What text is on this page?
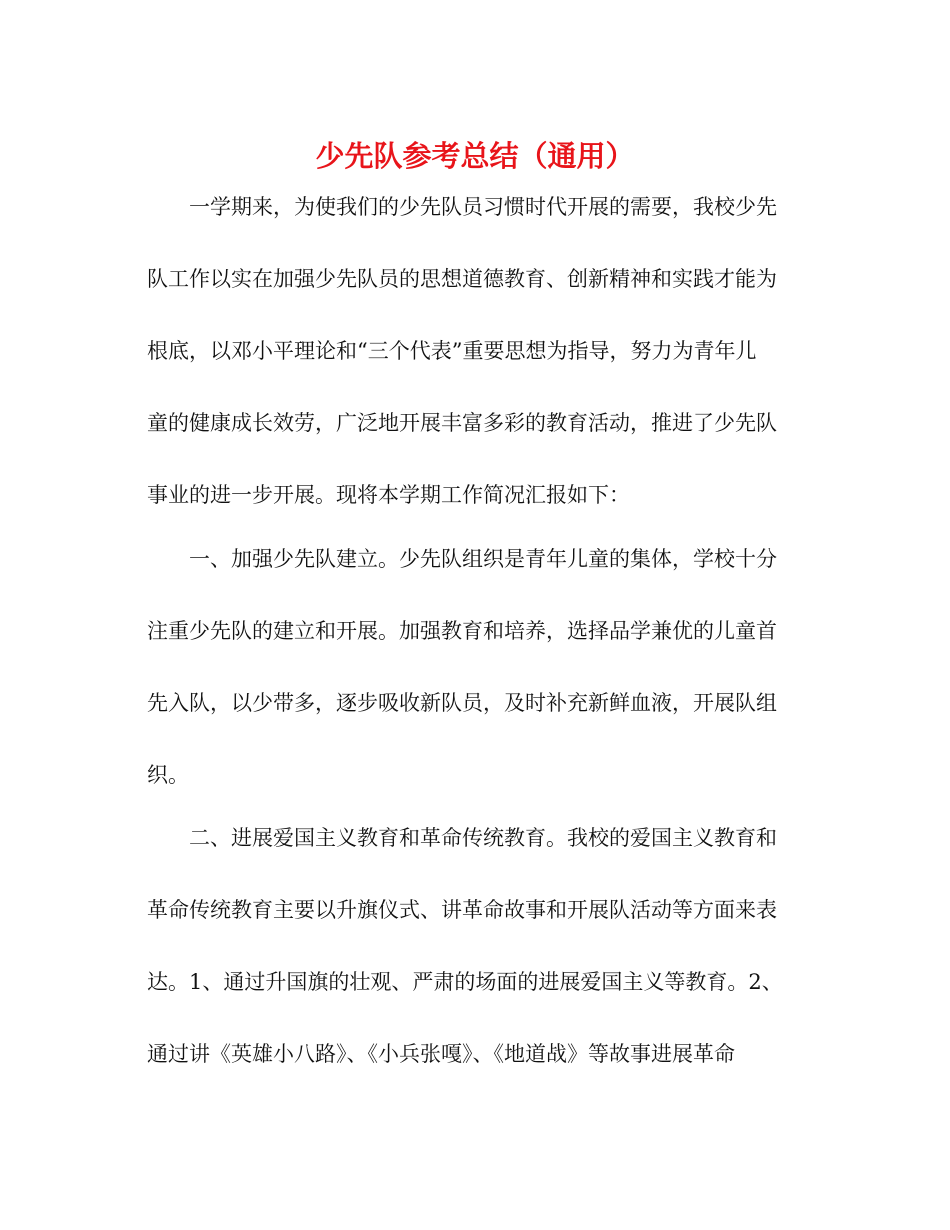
少先队参考总结（通用）
一学期来，为使我们的少先队员习惯时代开展的需要，我校少先
队工作以实在加强少先队员的思想道德教育、创新精神和实践才能为
根底，以邓小平理论和“三个代表”重要思想为指导，努力为青年儿
童的健康成长效劳，广泛地开展丰富多彩的教育活动，推进了少先队
事业的进一步开展。现将本学期工作简况汇报如下：
一、加强少先队建立。少先队组织是青年儿童的集体，学校十分
注重少先队的建立和开展。加强教育和培养，选择品学兼优的儿童首
先入队，以少带多，逐步吸收新队员，及时补充新鲜血液，开展队组
织。
二、进展爱国主义教育和革命传统教育。我校的爱国主义教育和
革命传统教育主要以升旗仪式、讲革命故事和开展队活动等方面来表
达。1、通过升国旗的壮观、严肃的场面的进展爱国主义等教育。2、
通过讲《英雄小八路》、《小兵张嘎》、《地道战》等故事进展革命
